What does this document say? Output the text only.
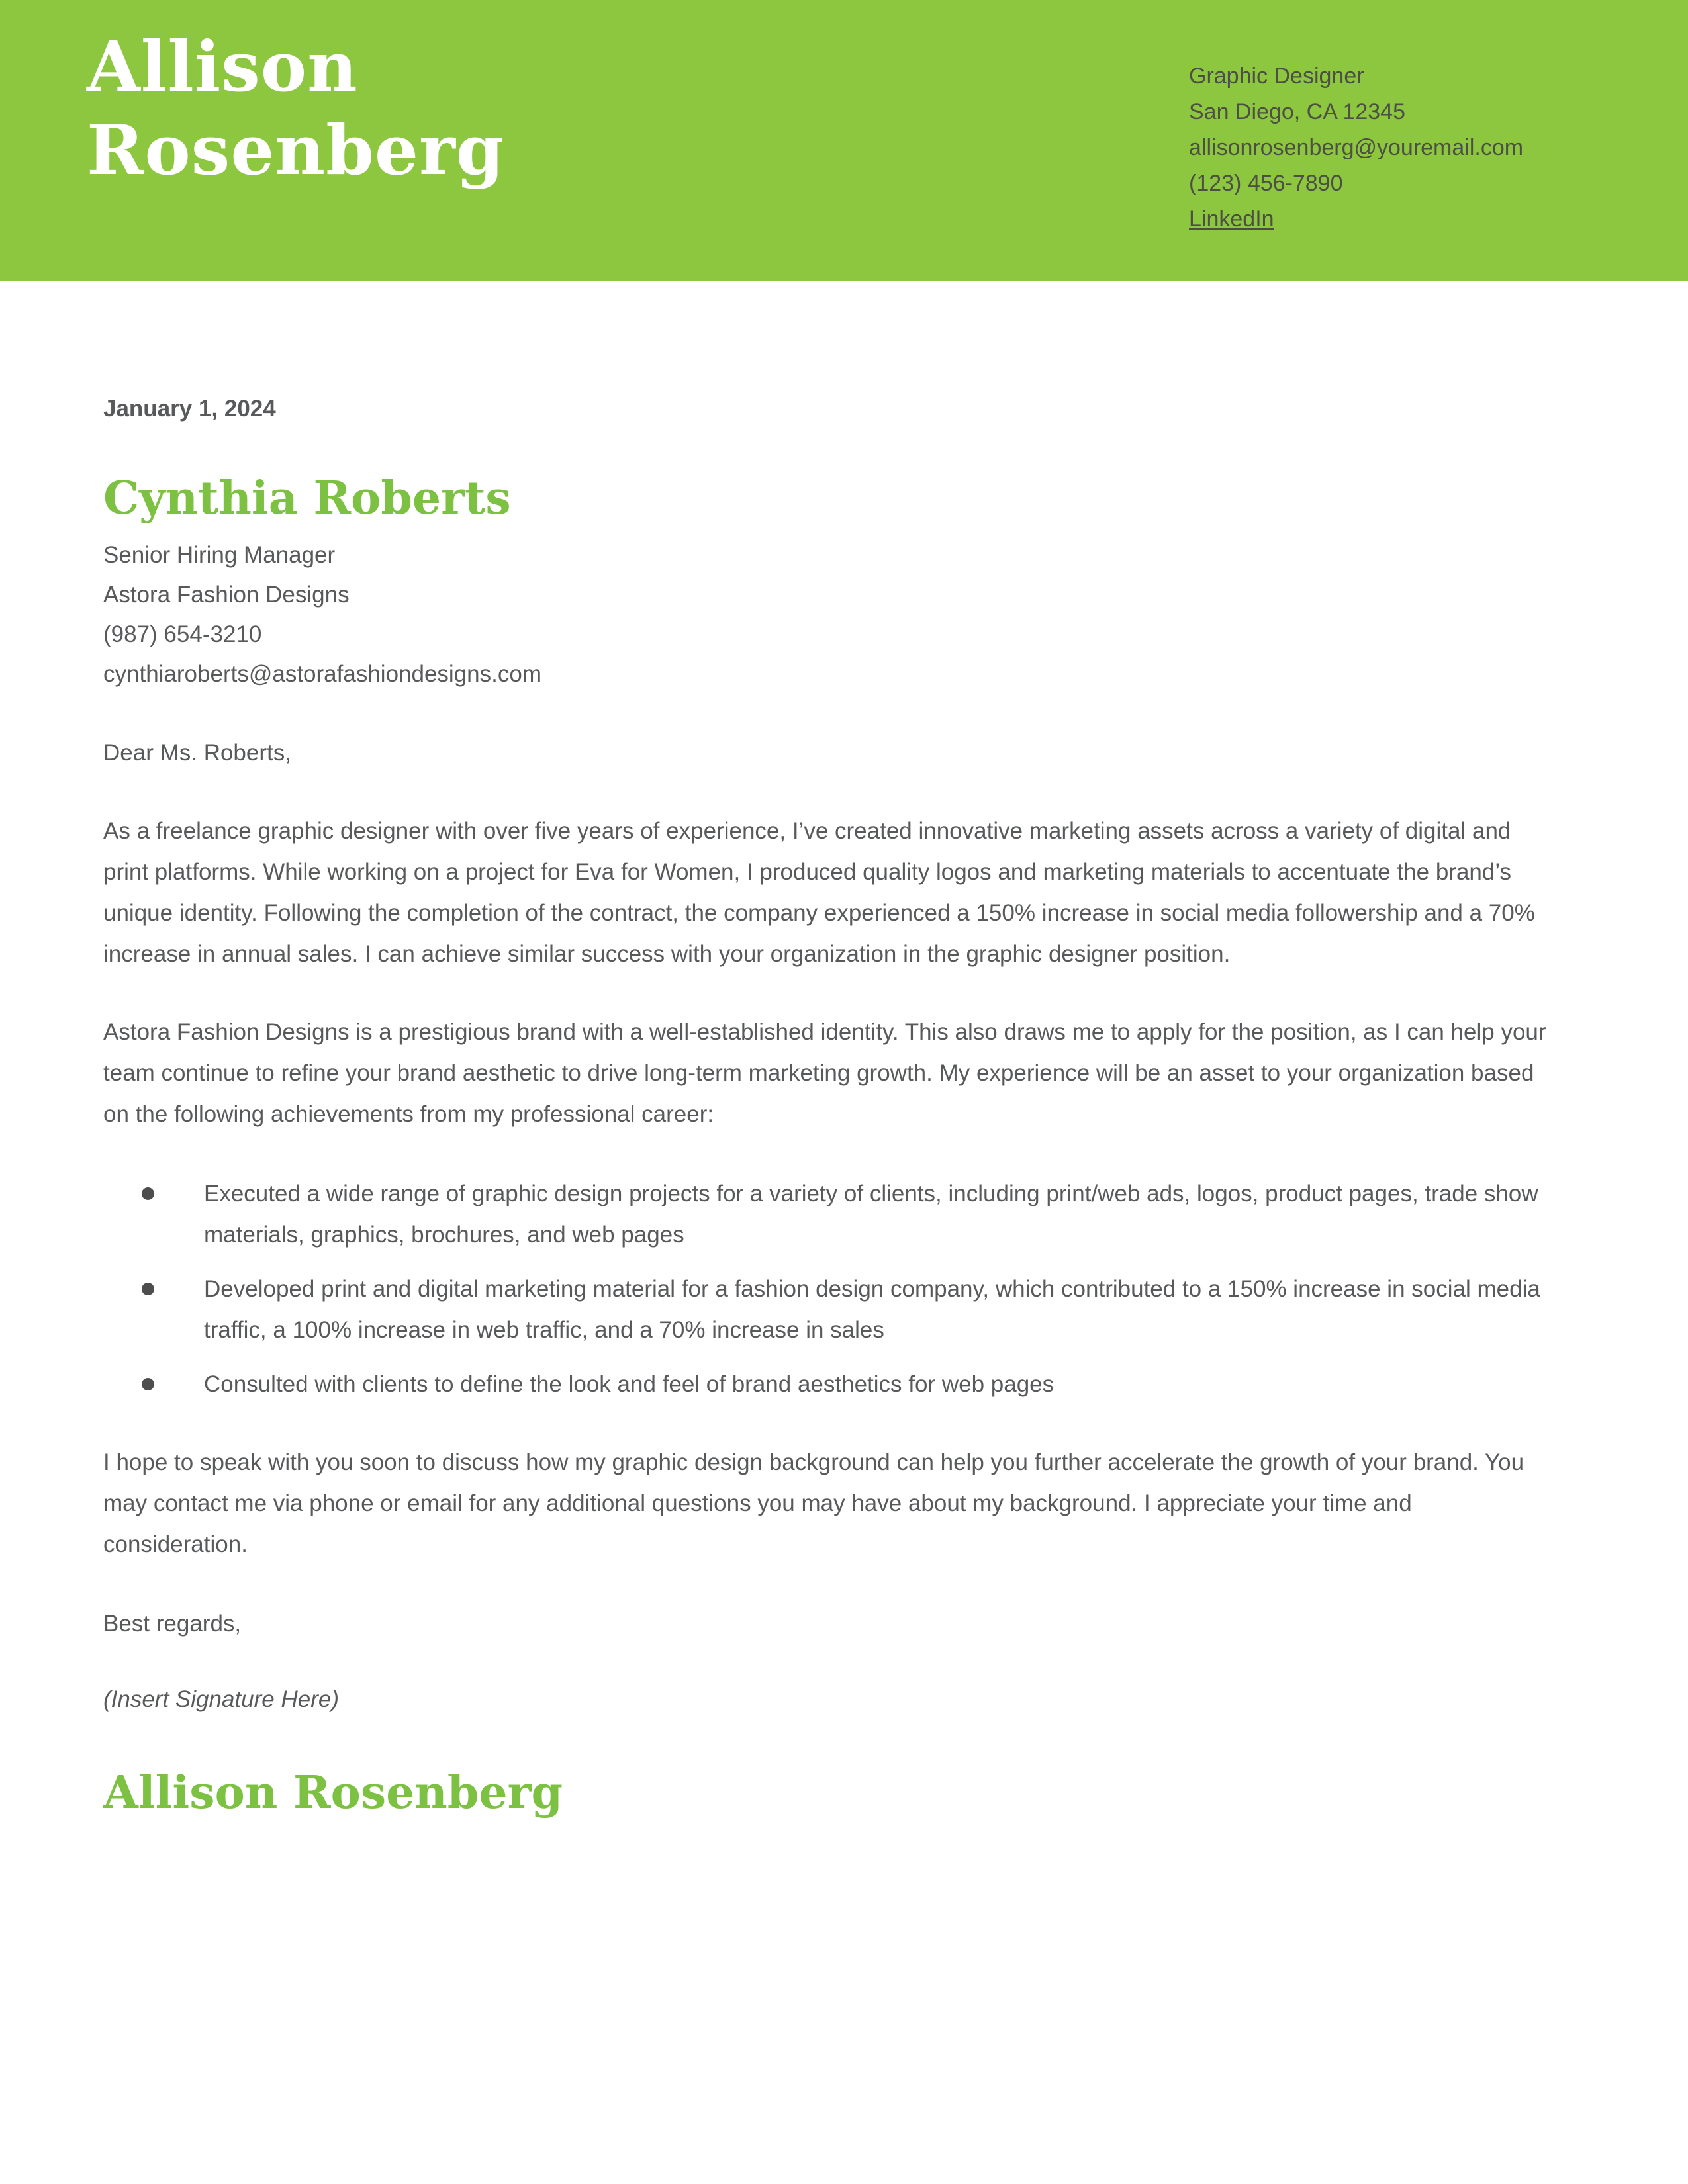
Allison Rosenberg
Graphic Designer
San Diego, CA 12345
allisonrosenberg@youremail.com
(123) 456-7890
LinkedIn

January 1, 2024

Cynthia Roberts

Senior Hiring Manager

Astora Fashion Designs

(987) 654-3210

cynthiaroberts@astorafashiondesigns.com

Dear Ms. Roberts,

As a freelance graphic designer with over five years of experience, I’ve created innovative marketing assets across a variety of digital and print platforms. While working on a project for Eva for Women, I produced quality logos and marketing materials to accentuate the brand’s unique identity. Following the completion of the contract, the company experienced a 150% increase in social media followership and a 70% increase in annual sales. I can achieve similar success with your organization in the graphic designer position.

Astora Fashion Designs is a prestigious brand with a well-established identity. This also draws me to apply for the position, as I can help your team continue to refine your brand aesthetic to drive long-term marketing growth. My experience will be an asset to your organization based on the following achievements from my professional career:

Executed a wide range of graphic design projects for a variety of clients, including print/web ads, logos, product pages, trade show materials, graphics, brochures, and web pages
Developed print and digital marketing material for a fashion design company, which contributed to a 150% increase in social media traffic, a 100% increase in web traffic, and a 70% increase in sales
Consulted with clients to define the look and feel of brand aesthetics for web pages

I hope to speak with you soon to discuss how my graphic design background can help you further accelerate the growth of your brand. You may contact me via phone or email for any additional questions you may have about my background. I appreciate your time and consideration.

Best regards,

(Insert Signature Here)

Allison Rosenberg
